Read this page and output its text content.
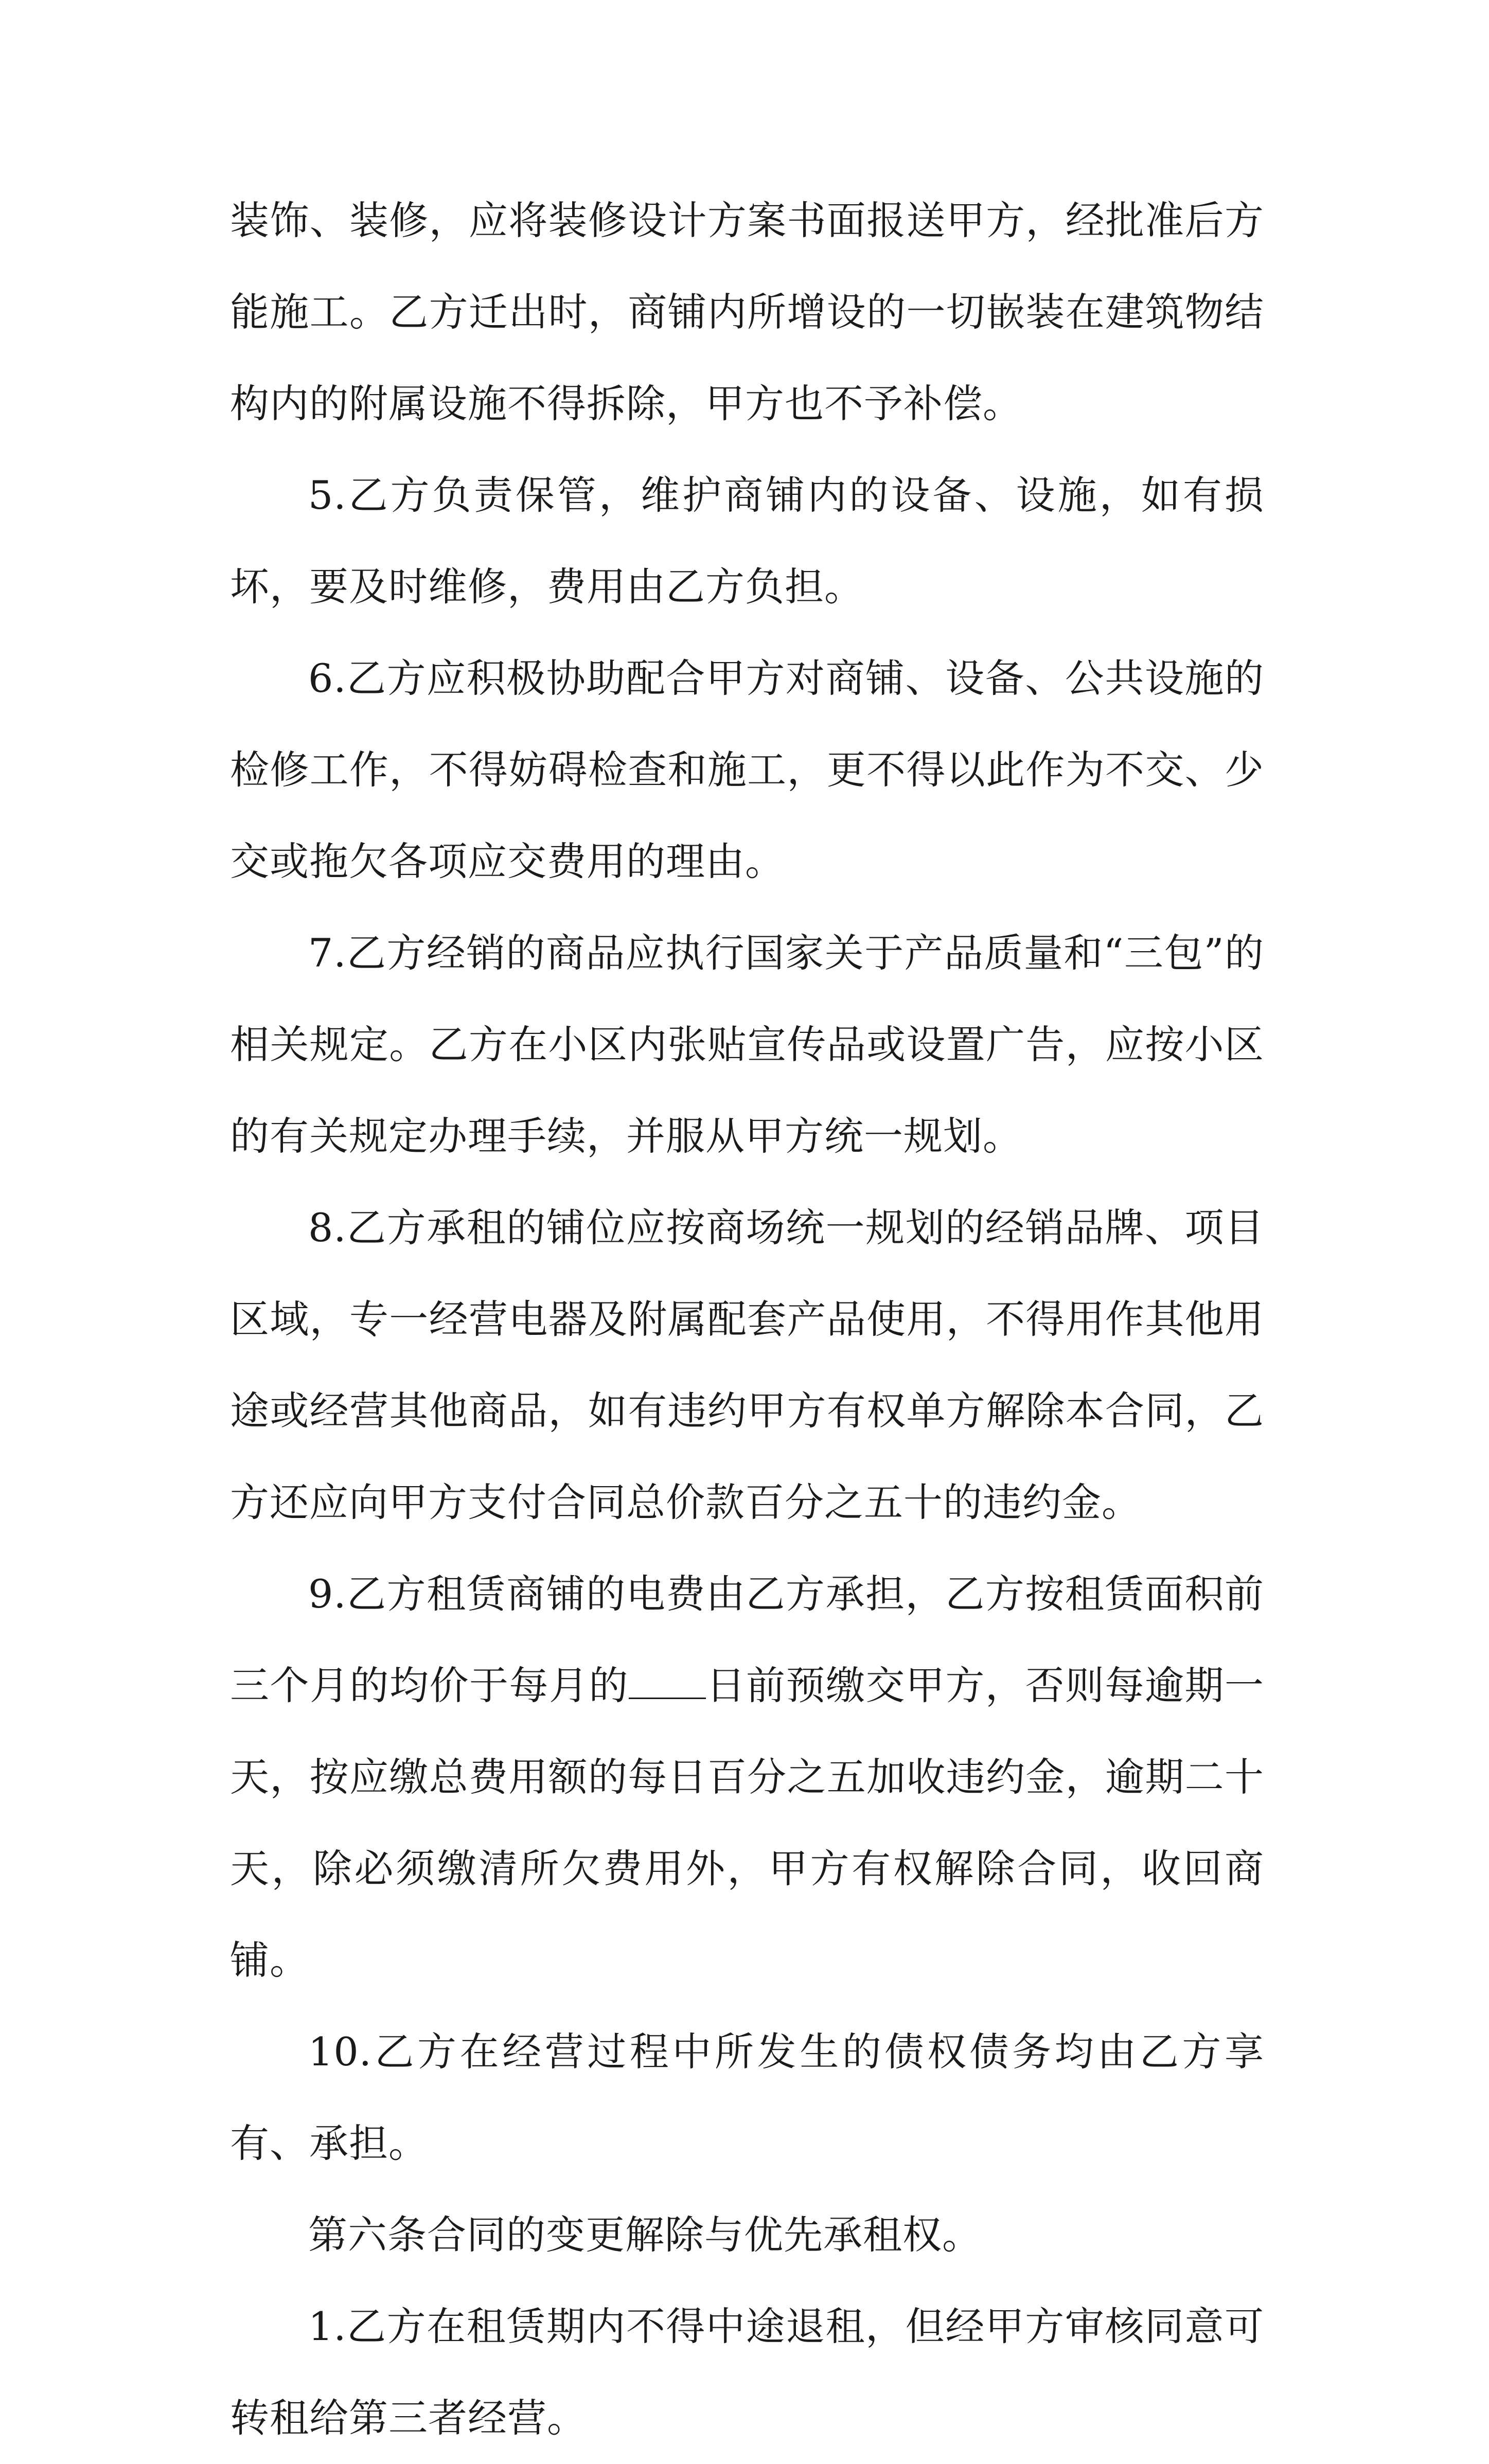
装饰、装修，应将装修设计方案书面报送甲方，经批准后方能施工。乙方迁出时，商铺内所增设的一切嵌装在建筑物结构内的附属设施不得拆除，甲方也不予补偿。

5.乙方负责保管，维护商铺内的设备、设施，如有损坏，要及时维修，费用由乙方负担。

6.乙方应积极协助配合甲方对商铺、设备、公共设施的检修工作，不得妨碍检查和施工，更不得以此作为不交、少交或拖欠各项应交费用的理由。

7.乙方经销的商品应执行国家关于产品质量和“三包”的相关规定。乙方在小区内张贴宣传品或设置广告，应按小区的有关规定办理手续，并服从甲方统一规划。

8.乙方承租的铺位应按商场统一规划的经销品牌、项目区域，专一经营电器及附属配套产品使用，不得用作其他用途或经营其他商品，如有违约甲方有权单方解除本合同，乙方还应向甲方支付合同总价款百分之五十的违约金。

9.乙方租赁商铺的电费由乙方承担，乙方按租赁面积前三个月的均价于每月的 日前预缴交甲方，否则每逾期一天，按应缴总费用额的每日百分之五加收违约金，逾期二十天，除必须缴清所欠费用外，甲方有权解除合同，收回商铺。

10.乙方在经营过程中所发生的债权债务均由乙方享有、承担。

第六条合同的变更解除与优先承租权。

1.乙方在租赁期内不得中途退租，但经甲方审核同意可转租给第三者经营。
